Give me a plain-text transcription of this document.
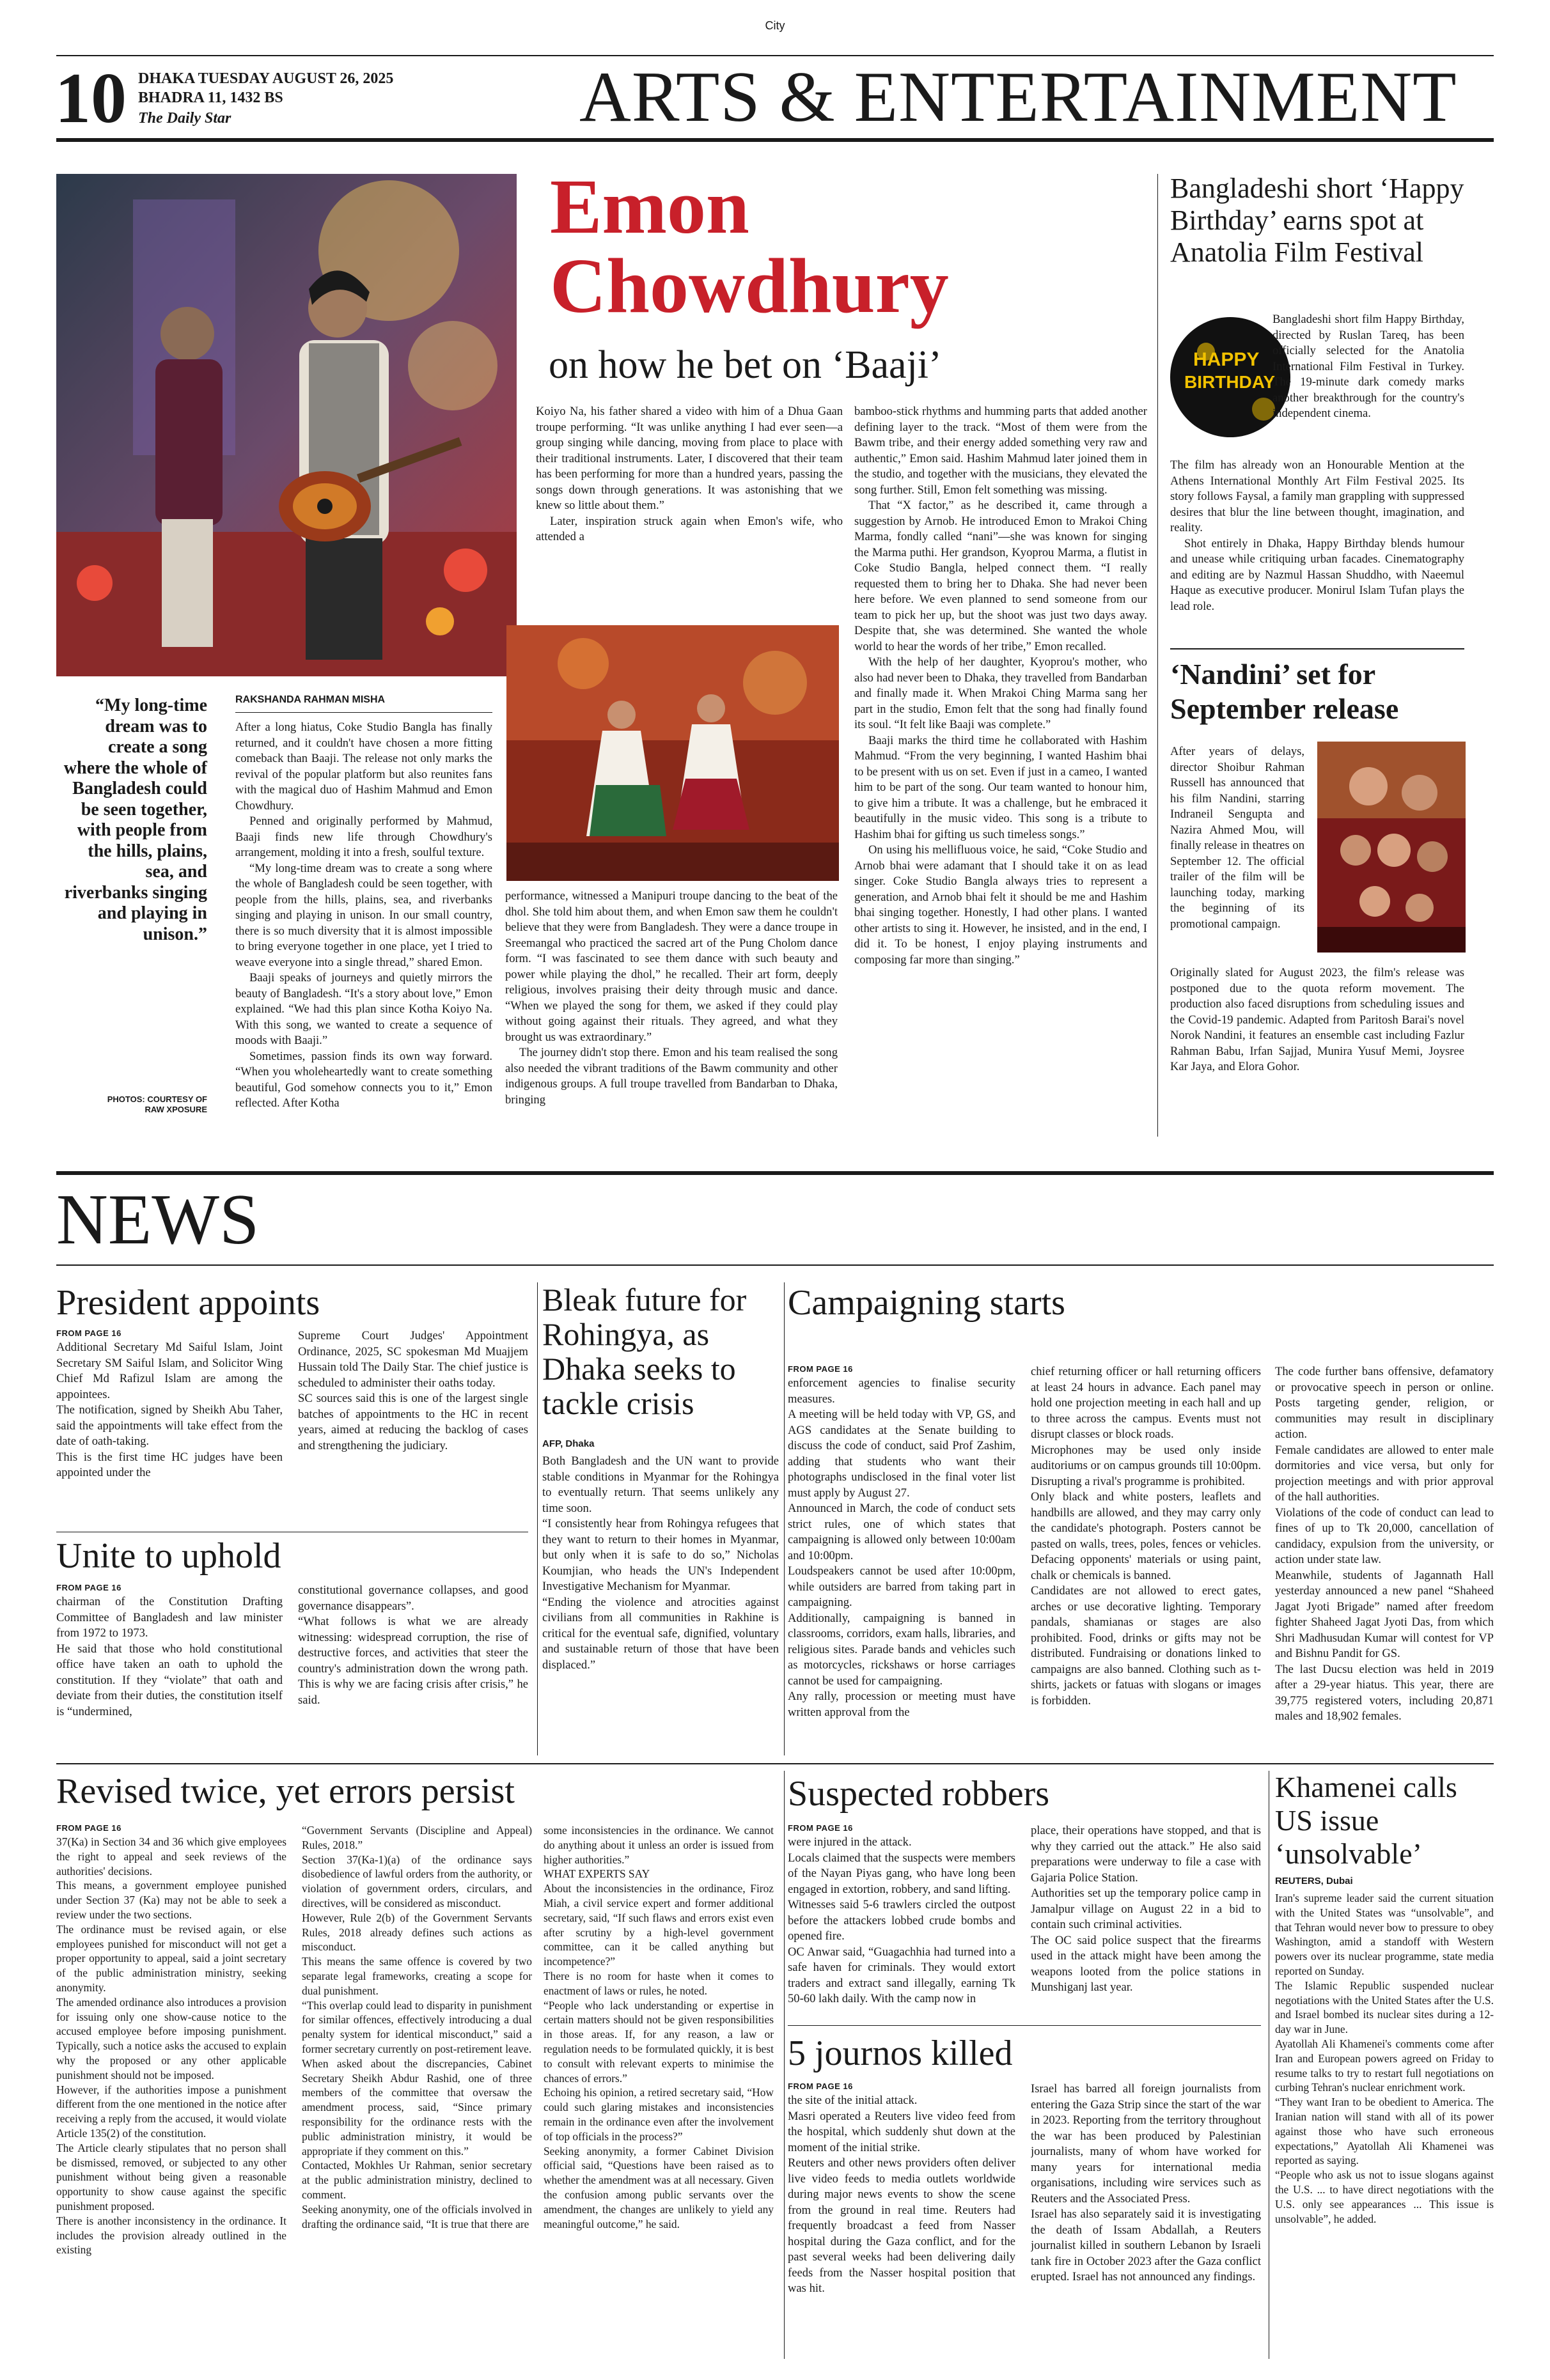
City
10 DHAKA TUESDAY AUGUST 26, 2025
BHADRA 11, 1432 BS
The Daily Star	ARTS & ENTERTAINMENT
Emon
Chowdhury
on how he bet on ‘Baaji’

Koiyo Na, his father shared a video with him of a Dhua Gaan troupe performing. “It was unlike anything I had ever seen—a group singing while dancing, moving from place to place with their traditional instruments. Later, I discovered that their team has been performing for more than a hundred years, passing the songs down through generations. It was astonishing that we knew so little about them.”

Later, inspiration struck again when Emon's wife, who attended a

“My long-time dream was to create a song where the whole of Bangladesh could be seen together, with people from the hills, plains, sea, and riverbanks singing and playing in unison.”
PHOTOS: COURTESY OF RAW XPOSURE
RAKSHANDA RAHMAN MISHA

After a long hiatus, Coke Studio Bangla has finally returned, and it couldn't have chosen a more fitting comeback than Baaji. The release not only marks the revival of the popular platform but also reunites fans with the magical duo of Hashim Mahmud and Emon Chowdhury.

Penned and originally performed by Mahmud, Baaji finds new life through Chowdhury's arrangement, molding it into a fresh, soulful texture.

“My long-time dream was to create a song where the whole of Bangladesh could be seen together, with people from the hills, plains, sea, and riverbanks singing and playing in unison. In our small country, there is so much diversity that it is almost impossible to bring everyone together in one place, yet I tried to weave everyone into a single thread,” shared Emon.

Baaji speaks of journeys and quietly mirrors the beauty of Bangladesh. “It's a story about love,” Emon explained. “We had this plan since Kotha Koiyo Na. With this song, we wanted to create a sequence of moods with Baaji.”

Sometimes, passion finds its own way forward. “When you wholeheartedly want to create something beautiful, God somehow connects you to it,” Emon reflected. After Kotha

performance, witnessed a Manipuri troupe dancing to the beat of the dhol. She told him about them, and when Emon saw them he couldn't believe that they were from Bangladesh. They were a dance troupe in Sreemangal who practiced the sacred art of the Pung Cholom dance form. “I was fascinated to see them dance with such beauty and power while playing the dhol,” he recalled. Their art form, deeply religious, involves praising their deity through music and dance. “When we played the song for them, we asked if they could play without going against their rituals. They agreed, and what they brought us was extraordinary.”

The journey didn't stop there. Emon and his team realised the song also needed the vibrant traditions of the Bawm community and other indigenous groups. A full troupe travelled from Bandarban to Dhaka, bringing

bamboo-stick rhythms and humming parts that added another defining layer to the track. “Most of them were from the Bawm tribe, and their energy added something very raw and authentic,” Emon said. Hashim Mahmud later joined them in the studio, and together with the musicians, they elevated the song further. Still, Emon felt something was missing.

That “X factor,” as he described it, came through a suggestion by Arnob. He introduced Emon to Mrakoi Ching Marma, fondly called “nani”—she was known for singing the Marma puthi. Her grandson, Kyoprou Marma, a flutist in Coke Studio Bangla, helped connect them. “I really requested them to bring her to Dhaka. She had never been here before. We even planned to send someone from our team to pick her up, but the shoot was just two days away. Despite that, she was determined. She wanted the whole world to hear the words of her tribe,” Emon recalled.

With the help of her daughter, Kyoprou's mother, who also had never been to Dhaka, they travelled from Bandarban and finally made it. When Mrakoi Ching Marma sang her part in the studio, Emon felt that the song had finally found its soul. “It felt like Baaji was complete.”

Baaji marks the third time he collaborated with Hashim Mahmud. “From the very beginning, I wanted Hashim bhai to be present with us on set. Even if just in a cameo, I wanted him to be part of the song. Our team wanted to honour him, to give him a tribute. It was a challenge, but he embraced it beautifully in the music video. This song is a tribute to Hashim bhai for gifting us such timeless songs.”

On using his mellifluous voice, he said, “Coke Studio and Arnob bhai were adamant that I should take it on as lead singer. Coke Studio Bangla always tries to represent a generation, and Arnob bhai felt it should be me and Hashim bhai singing together. Honestly, I had other plans. I wanted other artists to sing it. However, he insisted, and in the end, I did it. To be honest, I enjoy playing instruments and composing far more than singing.”

Bangladeshi short ‘Happy Birthday’ earns spot at Anatolia Film Festival
HAPPY
BIRTHDAY

Bangladeshi short film Happy Birthday, directed by Ruslan Tareq, has been officially selected for the Anatolia International Film Festival in Turkey. The 19-minute dark comedy marks another breakthrough for the country's independent cinema.

The film has already won an Honourable Mention at the Athens International Monthly Art Film Festival 2025. Its story follows Faysal, a family man grappling with suppressed desires that blur the line between thought, imagination, and reality.

Shot entirely in Dhaka, Happy Birthday blends humour and unease while critiquing urban facades. Cinematography and editing are by Nazmul Hassan Shuddho, with Naeemul Haque as executive producer. Monirul Islam Tufan plays the lead role.

‘Nandini’ set for September release

After years of delays, director Shoibur Rahman Russell has announced that his film Nandini, starring Indraneil Sengupta and Nazira Ahmed Mou, will finally release in theatres on September 12. The official trailer of the film will be launching today, marking the beginning of its promotional campaign.

Originally slated for August 2023, the film's release was postponed due to the quota reform movement. The production also faced disruptions from scheduling issues and the Covid-19 pandemic. Adapted from Paritosh Barai's novel Norok Nandini, it features an ensemble cast including Fazlur Rahman Babu, Irfan Sajjad, Munira Yusuf Memi, Joysree Kar Jaya, and Elora Gohor.

NEWS
President appoints
FROM PAGE 16
Additional Secretary Md Saiful Islam, Joint Secretary SM Saiful Islam, and Solicitor Wing Chief Md Rafizul Islam are among the appointees.
The notification, signed by Sheikh Abu Taher, said the appointments will take effect from the date of oath-taking.
This is the first time HC judges have been appointed under the
Supreme Court Judges' Appointment Ordinance, 2025, SC spokesman Md Muajjem Hussain told The Daily Star. The chief justice is scheduled to administer their oaths today.
SC sources said this is one of the largest single batches of appointments to the HC in recent years, aimed at reducing the backlog of cases and strengthening the judiciary.
Unite to uphold
FROM PAGE 16
chairman of the Constitution Drafting Committee of Bangladesh and law minister from 1972 to 1973.
He said that those who hold constitutional office have taken an oath to uphold the constitution. If they “violate” that oath and deviate from their duties, the constitution itself is “undermined,
constitutional governance collapses, and good governance disappears”.
“What follows is what we are already witnessing: widespread corruption, the rise of destructive forces, and activities that steer the country's administration down the wrong path. This is why we are facing crisis after crisis,” he said.
Bleak future for Rohingya, as Dhaka seeks to tackle crisis
AFP, Dhaka
Both Bangladesh and the UN want to provide stable conditions in Myanmar for the Rohingya to eventually return. That seems unlikely any time soon.
“I consistently hear from Rohingya refugees that they want to return to their homes in Myanmar, but only when it is safe to do so,” Nicholas Koumjian, who heads the UN's Independent Investigative Mechanism for Myanmar.
“Ending the violence and atrocities against civilians from all communities in Rakhine is critical for the eventual safe, dignified, voluntary and sustainable return of those that have been displaced.”
Campaigning starts
FROM PAGE 16
enforcement agencies to finalise security measures.
A meeting will be held today with VP, GS, and AGS candidates at the Senate building to discuss the code of conduct, said Prof Zashim, adding that students who want their photographs undisclosed in the final voter list must apply by August 27.
Announced in March, the code of conduct sets strict rules, one of which states that campaigning is allowed only between 10:00am and 10:00pm.
Loudspeakers cannot be used after 10:00pm, while outsiders are barred from taking part in campaigning.
Additionally, campaigning is banned in classrooms, corridors, exam halls, libraries, and religious sites. Parade bands and vehicles such as motorcycles, rickshaws or horse carriages cannot be used for campaigning.
Any rally, procession or meeting must have written approval from the
chief returning officer or hall returning officers at least 24 hours in advance. Each panel may hold one projection meeting in each hall and up to three across the campus. Events must not disrupt classes or block roads.
Microphones may be used only inside auditoriums or on campus grounds till 10:00pm. Disrupting a rival's programme is prohibited.
Only black and white posters, leaflets and handbills are allowed, and they may carry only the candidate's photograph. Posters cannot be pasted on walls, trees, poles, fences or vehicles. Defacing opponents' materials or using paint, chalk or chemicals is banned.
Candidates are not allowed to erect gates, arches or use decorative lighting. Temporary pandals, shamianas or stages are also prohibited. Food, drinks or gifts may not be distributed. Fundraising or donations linked to campaigns are also banned. Clothing such as t-shirts, jackets or fatuas with slogans or images is forbidden.
The code further bans offensive, defamatory or provocative speech in person or online. Posts targeting gender, religion, or communities may result in disciplinary action.
Female candidates are allowed to enter male dormitories and vice versa, but only for projection meetings and with prior approval of the hall authorities.
Violations of the code of conduct can lead to fines of up to Tk 20,000, cancellation of candidacy, expulsion from the university, or action under state law.
Meanwhile, students of Jagannath Hall yesterday announced a new panel “Shaheed Jagat Jyoti Brigade” named after freedom fighter Shaheed Jagat Jyoti Das, from which Shri Madhusudan Kumar will contest for VP and Bishnu Pandit for GS.
The last Ducsu election was held in 2019 after a 29-year hiatus. This year, there are 39,775 registered voters, including 20,871 males and 18,902 females.
Revised twice, yet errors persist
FROM PAGE 16
37(Ka) in Section 34 and 36 which give employees the right to appeal and seek reviews of the authorities' decisions.
This means, a government employee punished under Section 37 (Ka) may not be able to seek a review under the two sections.
The ordinance must be revised again, or else employees punished for misconduct will not get a proper opportunity to appeal, said a joint secretary of the public administration ministry, seeking anonymity.
The amended ordinance also introduces a provision for issuing only one show-cause notice to the accused employee before imposing punishment. Typically, such a notice asks the accused to explain why the proposed or any other applicable punishment should not be imposed.
However, if the authorities impose a punishment different from the one mentioned in the notice after receiving a reply from the accused, it would violate Article 135(2) of the constitution.
The Article clearly stipulates that no person shall be dismissed, removed, or subjected to any other punishment without being given a reasonable opportunity to show cause against the specific punishment proposed.
There is another inconsistency in the ordinance. It includes the provision already outlined in the existing
“Government Servants (Discipline and Appeal) Rules, 2018.”
Section 37(Ka-1)(a) of the ordinance says disobedience of lawful orders from the authority, or violation of government orders, circulars, and directives, will be considered as misconduct.
However, Rule 2(b) of the Government Servants Rules, 2018 already defines such actions as misconduct.
This means the same offence is covered by two separate legal frameworks, creating a scope for dual punishment.
“This overlap could lead to disparity in punishment for similar offences, effectively introducing a dual penalty system for identical misconduct,” said a former secretary currently on post-retirement leave.
When asked about the discrepancies, Cabinet Secretary Sheikh Abdur Rashid, one of three members of the committee that oversaw the amendment process, said, “Since primary responsibility for the ordinance rests with the public administration ministry, it would be appropriate if they comment on this.”
Contacted, Mokhles Ur Rahman, senior secretary at the public administration ministry, declined to comment.
Seeking anonymity, one of the officials involved in drafting the ordinance said, “It is true that there are
some inconsistencies in the ordinance. We cannot do anything about it unless an order is issued from higher authorities.”
WHAT EXPERTS SAY
About the inconsistencies in the ordinance, Firoz Miah, a civil service expert and former additional secretary, said, “If such flaws and errors exist even after scrutiny by a high-level government committee, can it be called anything but incompetence?”
There is no room for haste when it comes to enactment of laws or rules, he noted.
“People who lack understanding or expertise in certain matters should not be given responsibilities in those areas. If, for any reason, a law or regulation needs to be formulated quickly, it is best to consult with relevant experts to minimise the chances of errors.”
Echoing his opinion, a retired secretary said, “How could such glaring mistakes and inconsistencies remain in the ordinance even after the involvement of top officials in the process?”
Seeking anonymity, a former Cabinet Division official said, “Questions have been raised as to whether the amendment was at all necessary. Given the confusion among public servants over the amendment, the changes are unlikely to yield any meaningful outcome,” he said.
Suspected robbers
FROM PAGE 16
were injured in the attack.
Locals claimed that the suspects were members of the Nayan Piyas gang, who have long been engaged in extortion, robbery, and sand lifting.
Witnesses said 5-6 trawlers circled the outpost before the attackers lobbed crude bombs and opened fire.
OC Anwar said, “Guagachhia had turned into a safe haven for criminals. They would extort traders and extract sand illegally, earning Tk 50-60 lakh daily. With the camp now in
place, their operations have stopped, and that is why they carried out the attack.” He also said preparations were underway to file a case with Gajaria Police Station.
Authorities set up the temporary police camp in Jamalpur village on August 22 in a bid to contain such criminal activities.
The OC said police suspect that the firearms used in the attack might have been among the weapons looted from the police stations in Munshiganj last year.
5 journos killed
FROM PAGE 16
the site of the initial attack.
Masri operated a Reuters live video feed from the hospital, which suddenly shut down at the moment of the initial strike.
Reuters and other news providers often deliver live video feeds to media outlets worldwide during major news events to show the scene from the ground in real time. Reuters had frequently broadcast a feed from Nasser hospital during the Gaza conflict, and for the past several weeks had been delivering daily feeds from the Nasser hospital position that was hit.
Israel has barred all foreign journalists from entering the Gaza Strip since the start of the war in 2023. Reporting from the territory throughout the war has been produced by Palestinian journalists, many of whom have worked for many years for international media organisations, including wire services such as Reuters and the Associated Press.
Israel has also separately said it is investigating the death of Issam Abdallah, a Reuters journalist killed in southern Lebanon by Israeli tank fire in October 2023 after the Gaza conflict erupted. Israel has not announced any findings.
Khamenei calls US issue ‘unsolvable’
REUTERS, Dubai
Iran's supreme leader said the current situation with the United States was “unsolvable”, and that Tehran would never bow to pressure to obey Washington, amid a standoff with Western powers over its nuclear programme, state media reported on Sunday.
The Islamic Republic suspended nuclear negotiations with the United States after the U.S. and Israel bombed its nuclear sites during a 12-day war in June.
Ayatollah Ali Khamenei's comments come after Iran and European powers agreed on Friday to resume talks to try to restart full negotiations on curbing Tehran's nuclear enrichment work.
“They want Iran to be obedient to America. The Iranian nation will stand with all of its power against those who have such erroneous expectations,” Ayatollah Ali Khamenei was reported as saying.
“People who ask us not to issue slogans against the U.S. ... to have direct negotiations with the U.S. only see appearances ... This issue is unsolvable”, he added.
